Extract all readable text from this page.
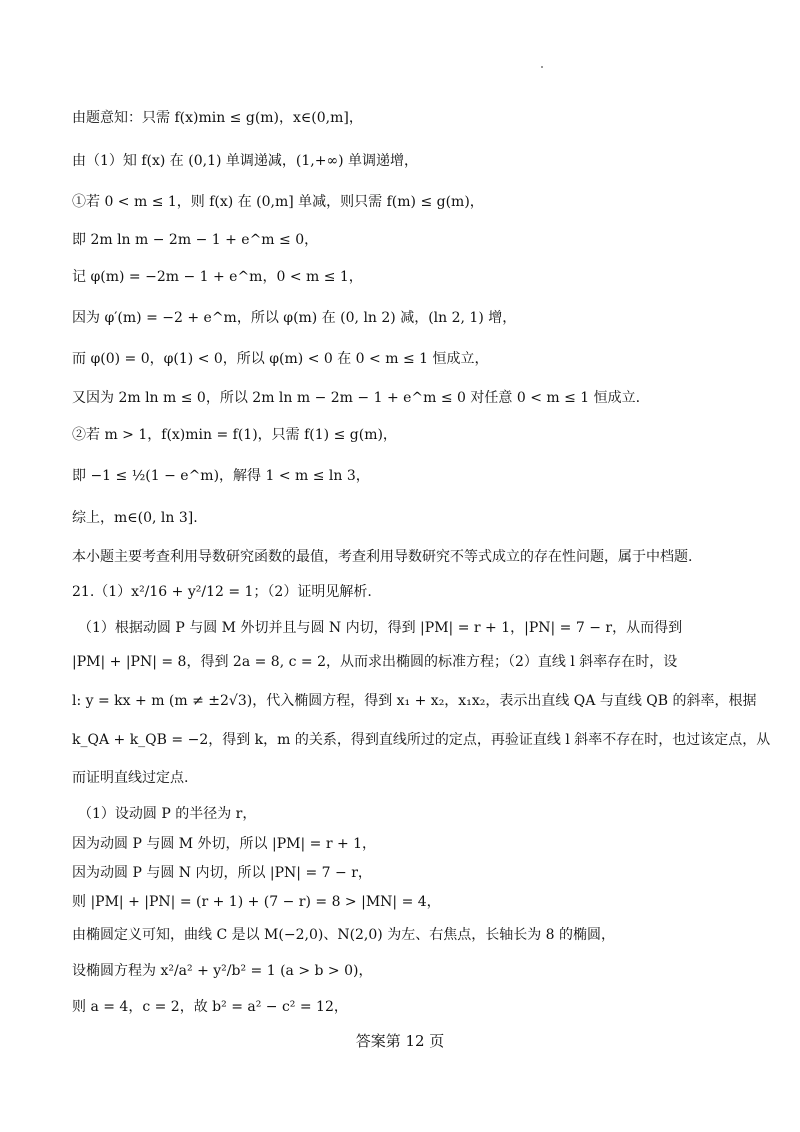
由题意知：只需 f(x)min ≤ g(m)，x∈(0,m]，
由（1）知 f(x) 在 (0,1) 单调递减，(1,+∞) 单调递增，
①若 0 < m ≤ 1，则 f(x) 在 (0,m] 单减，则只需 f(m) ≤ g(m)，
即 2m ln m − 2m − 1 + e^m ≤ 0，
记 φ(m) = −2m − 1 + e^m，0 < m ≤ 1，
因为 φ′(m) = −2 + e^m，所以 φ(m) 在 (0, ln 2) 减，(ln 2, 1) 增，
而 φ(0) = 0，φ(1) < 0，所以 φ(m) < 0 在 0 < m ≤ 1 恒成立，
又因为 2m ln m ≤ 0，所以 2m ln m − 2m − 1 + e^m ≤ 0 对任意 0 < m ≤ 1 恒成立.
②若 m > 1，f(x)min = f(1)，只需 f(1) ≤ g(m)，
即 −1 ≤ ½(1 − e^m)，解得 1 < m ≤ ln 3，
综上，m∈(0, ln 3].
本小题主要考查利用导数研究函数的最值，考查利用导数研究不等式成立的存在性问题，属于中档题.
21.（1）x²/16 + y²/12 = 1；（2）证明见解析.
（1）根据动圆 P 与圆 M 外切并且与圆 N 内切，得到 |PM| = r + 1，|PN| = 7 − r，从而得到
|PM| + |PN| = 8，得到 2a = 8, c = 2，从而求出椭圆的标准方程；（2）直线 l 斜率存在时，设
l: y = kx + m (m ≠ ±2√3)，代入椭圆方程，得到 x₁ + x₂，x₁x₂，表示出直线 QA 与直线 QB 的斜率，根据
k_QA + k_QB = −2，得到 k，m 的关系，得到直线所过的定点，再验证直线 l 斜率不存在时，也过该定点，从
而证明直线过定点.
（1）设动圆 P 的半径为 r，
因为动圆 P 与圆 M 外切，所以 |PM| = r + 1，
因为动圆 P 与圆 N 内切，所以 |PN| = 7 − r，
则 |PM| + |PN| = (r + 1) + (7 − r) = 8 > |MN| = 4，
由椭圆定义可知，曲线 C 是以 M(−2,0)、N(2,0) 为左、右焦点，长轴长为 8 的椭圆，
设椭圆方程为 x²/a² + y²/b² = 1 (a > b > 0)，
则 a = 4，c = 2，故 b² = a² − c² = 12，
答案第 12 页
